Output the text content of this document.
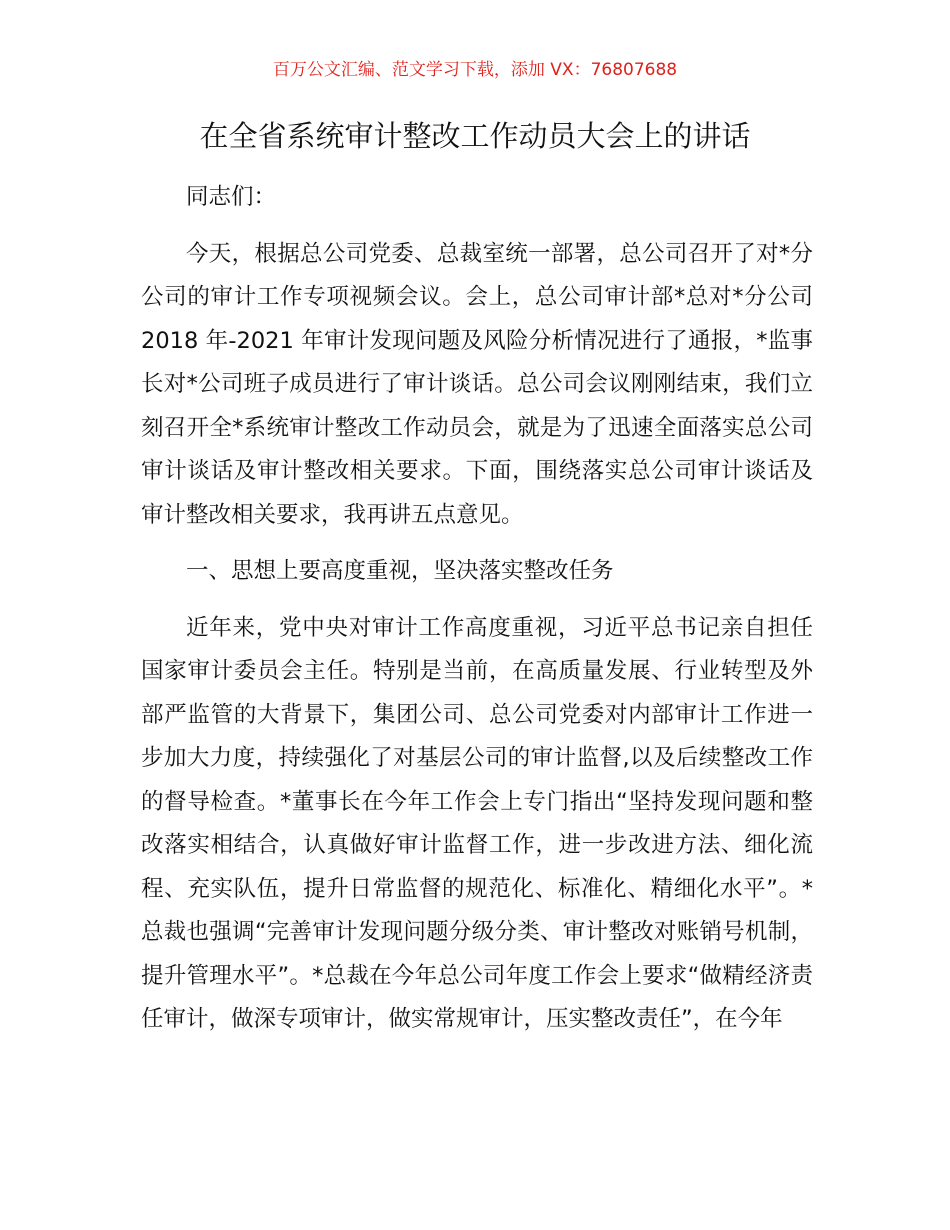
百万公文汇编、范文学习下载，添加 VX：76807688
在全省系统审计整改工作动员大会上的讲话

同志们：

今天，根据总公司党委、总裁室统一部署，总公司召开了对*分公司的审计工作专项视频会议。会上，总公司审计部*总对*分公司 2018 年-2021 年审计发现问题及风险分析情况进行了通报，*监事长对*公司班子成员进行了审计谈话。总公司会议刚刚结束，我们立刻召开全*系统审计整改工作动员会，就是为了迅速全面落实总公司审计谈话及审计整改相关要求。下面，围绕落实总公司审计谈话及审计整改相关要求，我再讲五点意见。

一、思想上要高度重视，坚决落实整改任务

近年来，党中央对审计工作高度重视，习近平总书记亲自担任国家审计委员会主任。特别是当前，在高质量发展、行业转型及外部严监管的大背景下，集团公司、总公司党委对内部审计工作进一步加大力度，持续强化了对基层公司的审计监督,以及后续整改工作的督导检查。*董事长在今年工作会上专门指出“坚持发现问题和整改落实相结合，认真做好审计监督工作，进一步改进方法、细化流程、充实队伍，提升日常监督的规范化、标准化、精细化水平”。*总裁也强调“完善审计发现问题分级分类、审计整改对账销号机制，提升管理水平”。*总裁在今年总公司年度工作会上要求“做精经济责任审计，做深专项审计，做实常规审计，压实整改责任”，在今年
